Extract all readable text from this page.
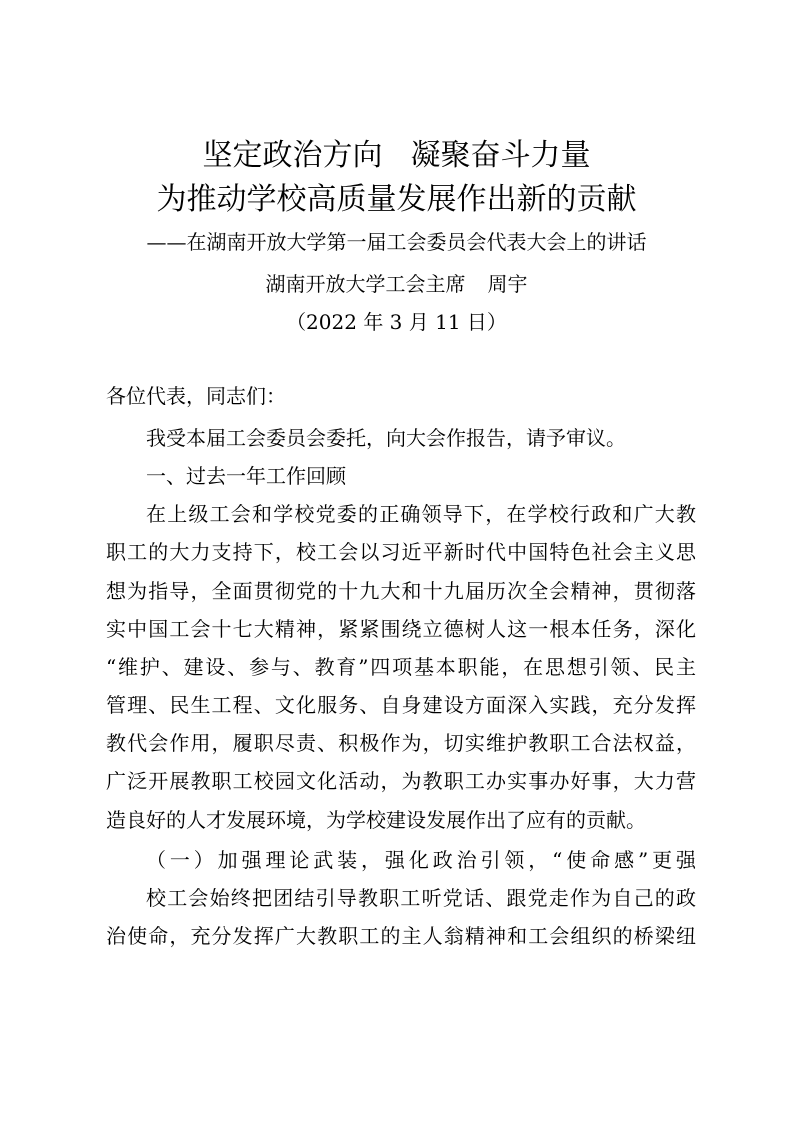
坚定政治方向 凝聚奋斗力量
为推动学校高质量发展作出新的贡献
——在湖南开放大学第一届工会委员会代表大会上的讲话
湖南开放大学工会主席 周宇
（2022 年 3 月 11 日）
各位代表，同志们：
我受本届工会委员会委托，向大会作报告，请予审议。
一、过去一年工作回顾
在上级工会和学校党委的正确领导下，在学校行政和广大教
职工的大力支持下，校工会以习近平新时代中国特色社会主义思
想为指导，全面贯彻党的十九大和十九届历次全会精神，贯彻落
实中国工会十七大精神，紧紧围绕立德树人这一根本任务，深化
“维护、建设、参与、教育”四项基本职能，在思想引领、民主
管理、民生工程、文化服务、自身建设方面深入实践，充分发挥
教代会作用，履职尽责、积极作为，切实维护教职工合法权益，
广泛开展教职工校园文化活动，为教职工办实事办好事，大力营
造良好的人才发展环境，为学校建设发展作出了应有的贡献。
（一）加强理论武装，强化政治引领，“使命感”更强
校工会始终把团结引导教职工听党话、跟党走作为自己的政
治使命，充分发挥广大教职工的主人翁精神和工会组织的桥梁纽
